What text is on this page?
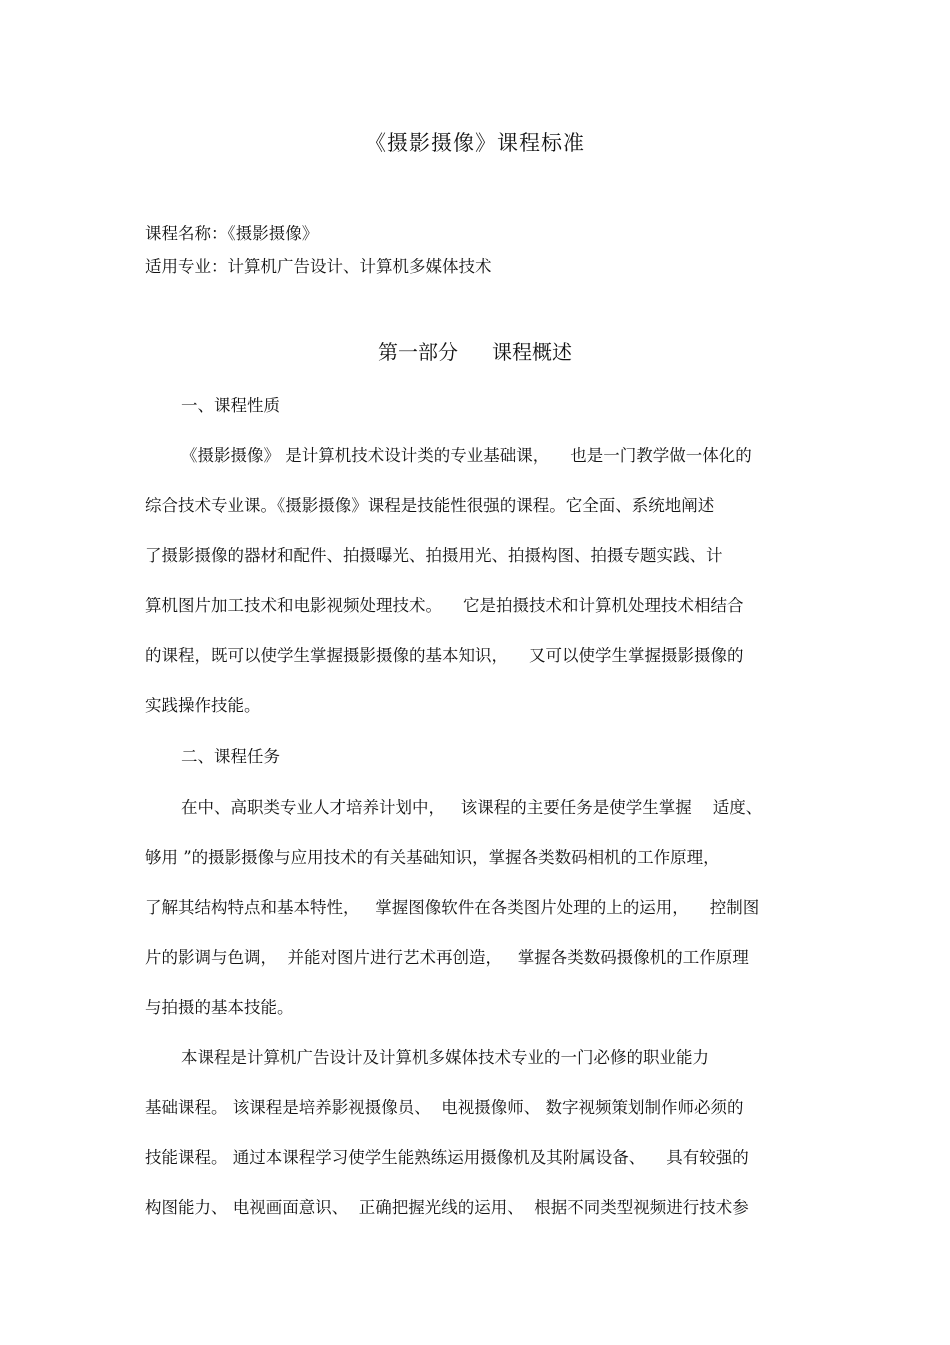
《摄影摄像》课程标准
课程名称：《摄影摄像》
适用专业：计算机广告设计、计算机多媒体技术
第一部分 课程概述
一、课程性质
《摄影摄像》 是计算机技术设计类的专业基础课，    也是一门教学做一体化的
综合技术专业课。《摄影摄像》课程是技能性很强的课程。它全面、系统地阐述
了摄影摄像的器材和配件、拍摄曝光、拍摄用光、拍摄构图、拍摄专题实践、计
算机图片加工技术和电影视频处理技术。    它是拍摄技术和计算机处理技术相结合
的课程，既可以使学生掌握摄影摄像的基本知识，    又可以使学生掌握摄影摄像的
实践操作技能。
二、课程任务
在中、高职类专业人才培养计划中，   该课程的主要任务是使学生掌握    适度、
够用 ”的摄影摄像与应用技术的有关基础知识，掌握各类数码相机的工作原理，
了解其结构特点和基本特性，   掌握图像软件在各类图片处理的上的运用，    控制图
片的影调与色调，  并能对图片进行艺术再创造，   掌握各类数码摄像机的工作原理
与拍摄的基本技能。
本课程是计算机广告设计及计算机多媒体技术专业的一门必修的职业能力
基础课程。 该课程是培养影视摄像员、  电视摄像师、 数字视频策划制作师必须的
技能课程。 通过本课程学习使学生能熟练运用摄像机及其附属设备、    具有较强的
构图能力、 电视画面意识、  正确把握光线的运用、  根据不同类型视频进行技术参
